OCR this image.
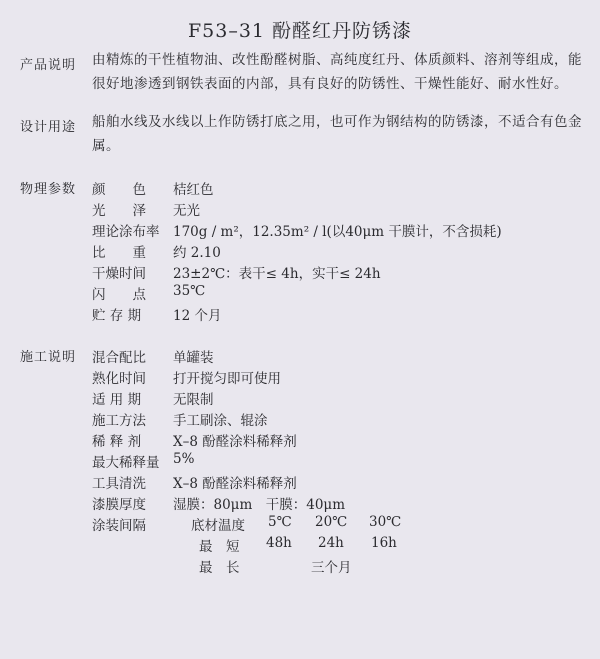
F53–31 酚醛红丹防锈漆
产品说明 由精炼的干性植物油、改性酚醛树脂、高纯度红丹、体质颜料、溶剂等组成，能
很好地渗透到钢铁表面的内部，具有良好的防锈性、干燥性能好、耐水性好。
设计用途 船舶水线及水线以上作防锈打底之用，也可作为钢结构的防锈漆，不适合有色金
属。
物理参数 颜　　色 桔红色
光　　泽 无光
理论涂布率 170g / m²，12.35m² / l(以40μm 干膜计，不含损耗)
比　　重 约 2.10
干燥时间 23±2℃：表干≤ 4h，实干≤ 24h
闪　　点 35℃
贮 存 期 12 个月
施工说明 混合配比 单罐装
熟化时间 打开搅匀即可使用
适 用 期 无限制
施工方法 手工刷涂、辊涂
稀 释 剂 X–8 酚醛涂料稀释剂
最大稀释量 5%
工具清洗 X–8 酚醛涂料稀释剂
漆膜厚度 湿膜：80μm　干膜：40μm
涂装间隔	底材温度 5℃ 20℃ 30℃
最　短 48h 24h 16h
最　长	三个月
